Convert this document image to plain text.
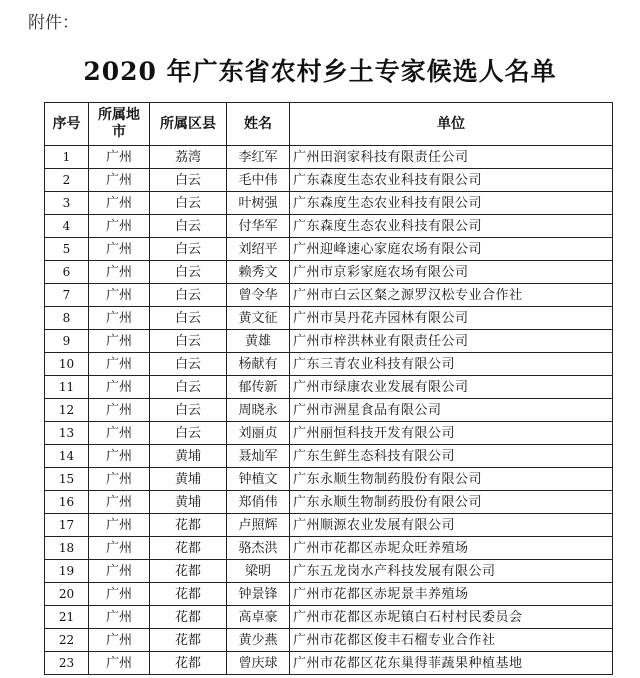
附件：
2020 年广东省农村乡土专家候选人名单
序号	所属地市	所属区县	姓名	单位
1	广州	荔湾	李红军	广州田润家科技有限责任公司
2	广州	白云	毛中伟	广东森度生态农业科技有限公司
3	广州	白云	叶树强	广东森度生态农业科技有限公司
4	广州	白云	付华军	广东森度生态农业科技有限公司
5	广州	白云	刘绍平	广州迎峰速心家庭农场有限公司
6	广州	白云	赖秀文	广州市京彩家庭农场有限公司
7	广州	白云	曾令华	广州市白云区粲之源罗汉松专业合作社
8	广州	白云	黄文征	广州市昊丹花卉园林有限公司
9	广州	白云	黄雄	广州市梓洪林业有限责任公司
10	广州	白云	杨献有	广东三青农业科技有限公司
11	广州	白云	郁传新	广州市绿康农业发展有限公司
12	广州	白云	周晓永	广州市洲星食品有限公司
13	广州	白云	刘丽贞	广州丽恒科技开发有限公司
14	广州	黄埔	聂灿军	广东生鲜生态科技有限公司
15	广州	黄埔	钟植文	广东永顺生物制药股份有限公司
16	广州	黄埔	郑俏伟	广东永顺生物制药股份有限公司
17	广州	花都	卢照辉	广州顺源农业发展有限公司
18	广州	花都	骆杰洪	广州市花都区赤坭众旺养殖场
19	广州	花都	梁明	广东五龙岗水产科技发展有限公司
20	广州	花都	钟景锋	广州市花都区赤坭景丰养殖场
21	广州	花都	高卓豪	广州市花都区赤坭镇白石村村民委员会
22	广州	花都	黄少燕	广州市花都区俊丰石榴专业合作社
23	广州	花都	曾庆球	广州市花都区花东巢得菲蔬果种植基地
